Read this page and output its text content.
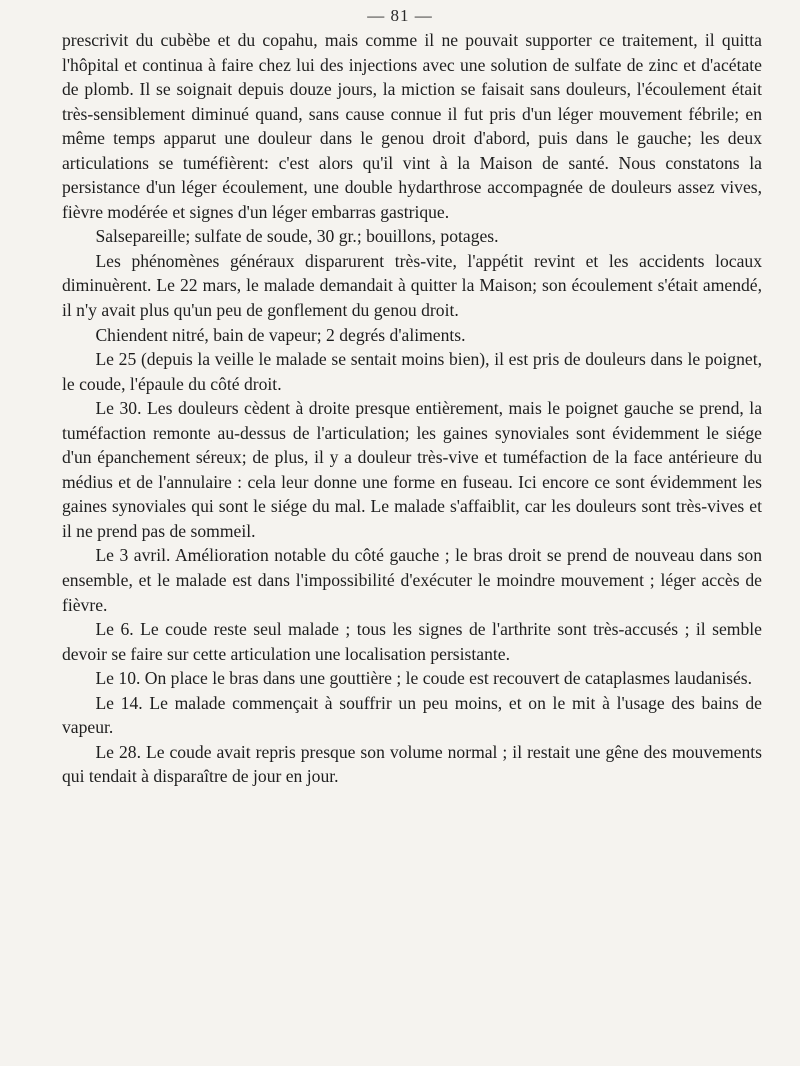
— 81 —

prescrivit du cubèbe et du copahu, mais comme il ne pouvait supporter ce traitement, il quitta l'hôpital et continua à faire chez lui des injections avec une solution de sulfate de zinc et d'acétate de plomb. Il se soignait depuis douze jours, la miction se faisait sans douleurs, l'écoulement était très-sensiblement diminué quand, sans cause connue il fut pris d'un léger mouvement fébrile; en même temps apparut une douleur dans le genou droit d'abord, puis dans le gauche; les deux articulations se tuméfièrent: c'est alors qu'il vint à la Maison de santé. Nous constatons la persistance d'un léger écoulement, une double hydarthrose accompagnée de douleurs assez vives, fièvre modérée et signes d'un léger embarras gastrique.

Salsepareille; sulfate de soude, 30 gr.; bouillons, potages.

Les phénomènes généraux disparurent très-vite, l'appétit revint et les accidents locaux diminuèrent. Le 22 mars, le malade demandait à quitter la Maison; son écoulement s'était amendé, il n'y avait plus qu'un peu de gonflement du genou droit.

Chiendent nitré, bain de vapeur; 2 degrés d'aliments.

Le 25 (depuis la veille le malade se sentait moins bien), il est pris de douleurs dans le poignet, le coude, l'épaule du côté droit.

Le 30. Les douleurs cèdent à droite presque entièrement, mais le poignet gauche se prend, la tuméfaction remonte au-dessus de l'articulation; les gaines synoviales sont évidemment le siége d'un épanchement séreux; de plus, il y a douleur très-vive et tuméfaction de la face antérieure du médius et de l'annulaire : cela leur donne une forme en fuseau. Ici encore ce sont évidemment les gaines synoviales qui sont le siége du mal. Le malade s'affaiblit, car les douleurs sont très-vives et il ne prend pas de sommeil.

Le 3 avril. Amélioration notable du côté gauche ; le bras droit se prend de nouveau dans son ensemble, et le malade est dans l'impossibilité d'exécuter le moindre mouvement ; léger accès de fièvre.

Le 6. Le coude reste seul malade ; tous les signes de l'arthrite sont très-accusés ; il semble devoir se faire sur cette articulation une localisation persistante.

Le 10. On place le bras dans une gouttière ; le coude est recouvert de cataplasmes laudanisés.

Le 14. Le malade commençait à souffrir un peu moins, et on le mit à l'usage des bains de vapeur.

Le 28. Le coude avait repris presque son volume normal ; il restait une gêne des mouvements qui tendait à disparaître de jour en jour.
